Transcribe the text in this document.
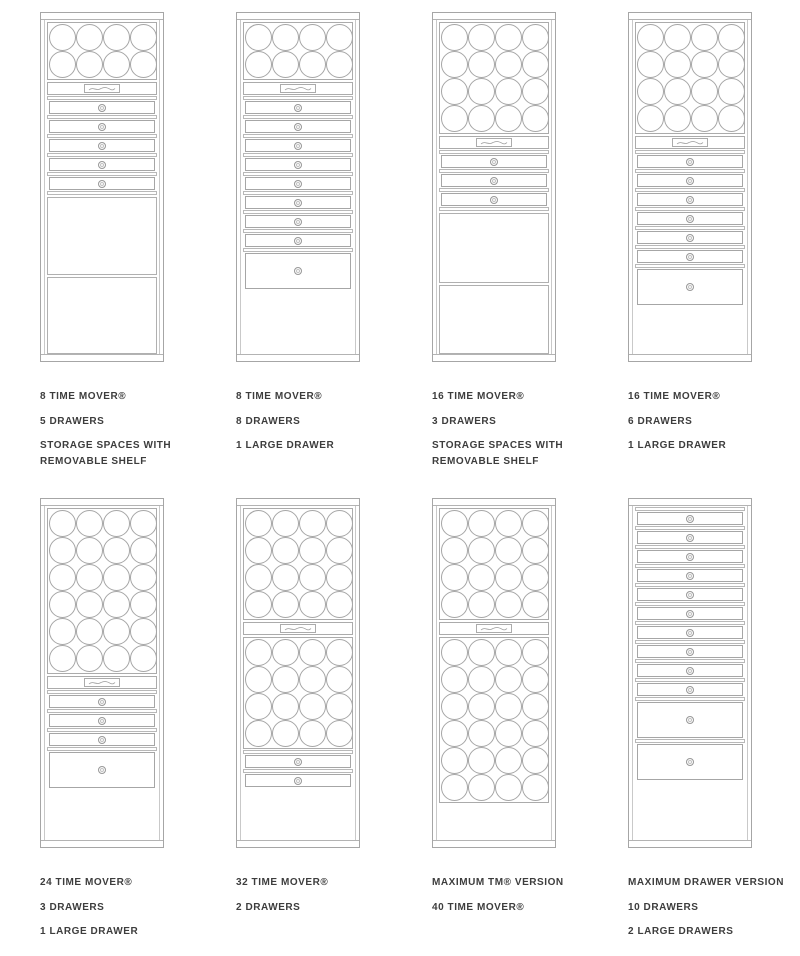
8 TIME MOVER®
5 DRAWERS
STORAGE SPACES WITH REMOVABLE SHELF
8 TIME MOVER®
8 DRAWERS
1 LARGE DRAWER
16 TIME MOVER®
3 DRAWERS
STORAGE SPACES WITH REMOVABLE SHELF
16 TIME MOVER®
6 DRAWERS
1 LARGE DRAWER
24 TIME MOVER®
3 DRAWERS
1 LARGE DRAWER
32 TIME MOVER®
2 DRAWERS
MAXIMUM TM® VERSION
40 TIME MOVER®
MAXIMUM DRAWER VERSION
10 DRAWERS
2 LARGE DRAWERS
